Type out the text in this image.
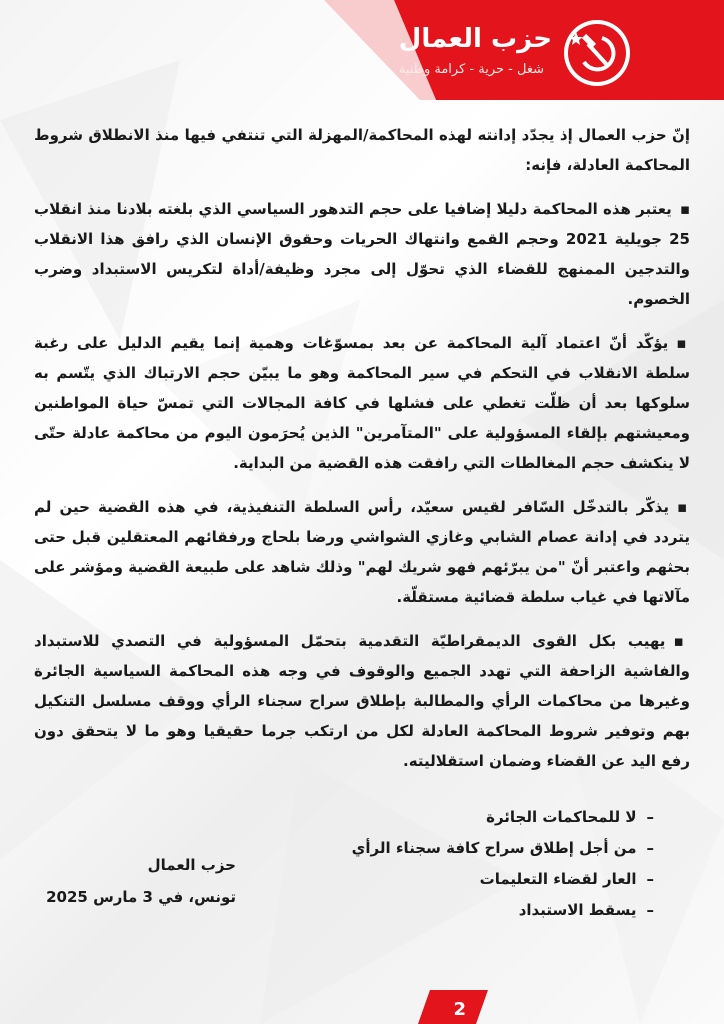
حزب العمال

شغل - حرية - كرامة وطنية

إنّ حزب العمال إذ يجدّد إدانته لهذه المحاكمة/المهزلة التي تنتفي فيها منذ الانطلاق شروط المحاكمة العادلة، فإنه:

▪ يعتبر هذه المحاكمة دليلا إضافيا على حجم التدهور السياسي الذي بلغته بلادنا منذ انقلاب 25 جويلية 2021 وحجم القمع وانتهاك الحريات وحقوق الإنسان الذي رافق هذا الانقلاب والتدجين الممنهج للقضاء الذي تحوّل إلى مجرد وظيفة/أداة لتكريس الاستبداد وضرب الخصوم.

▪ يؤكّد أنّ اعتماد آلية المحاكمة عن بعد بمسوّغات وهمية إنما يقيم الدليل على رغبة سلطة الانقلاب في التحكم في سير المحاكمة وهو ما يبيّن حجم الارتباك الذي يتّسم به سلوكها بعد أن ظلّت تغطي على فشلها في كافة المجالات التي تمسّ حياة المواطنين ومعيشتهم بإلقاء المسؤولية على "المتآمرين" الذين يُحرَمون اليوم من محاكمة عادلة حتّى لا ينكشف حجم المغالطات التي رافقت هذه القضية من البداية.

▪ يذكّر بالتدخّل السّافر لقيس سعيّد، رأس السلطة التنفيذية، في هذه القضية حين لم يتردد في إدانة عصام الشابي وغازي الشواشي ورضا بلحاج ورفقائهم المعتقلين قبل حتى بحثهم واعتبر أنّ "من يبرّئهم فهو شريك لهم" وذلك شاهد على طبيعة القضية ومؤشر على مآلاتها في غياب سلطة قضائية مستقلّة.

▪ يهيب بكل القوى الديمقراطيّة التقدمية بتحمّل المسؤولية في التصدي للاستبداد والفاشية الزاحفة التي تهدد الجميع والوقوف في وجه هذه المحاكمة السياسية الجائرة وغيرها من محاكمات الرأي والمطالبة بإطلاق سراح سجناء الرأي ووقف مسلسل التنكيل بهم وتوفير شروط المحاكمة العادلة لكل من ارتكب جرما حقيقيا وهو ما لا يتحقق دون رفع اليد عن القضاء وضمان استقلاليته.

– لا للمحاكمات الجائرة
– من أجل إطلاق سراح كافة سجناء الرأي
– العار لقضاء التعليمات
– يسقط الاستبداد

حزب العمال

تونس، في 3 مارس 2025

2
